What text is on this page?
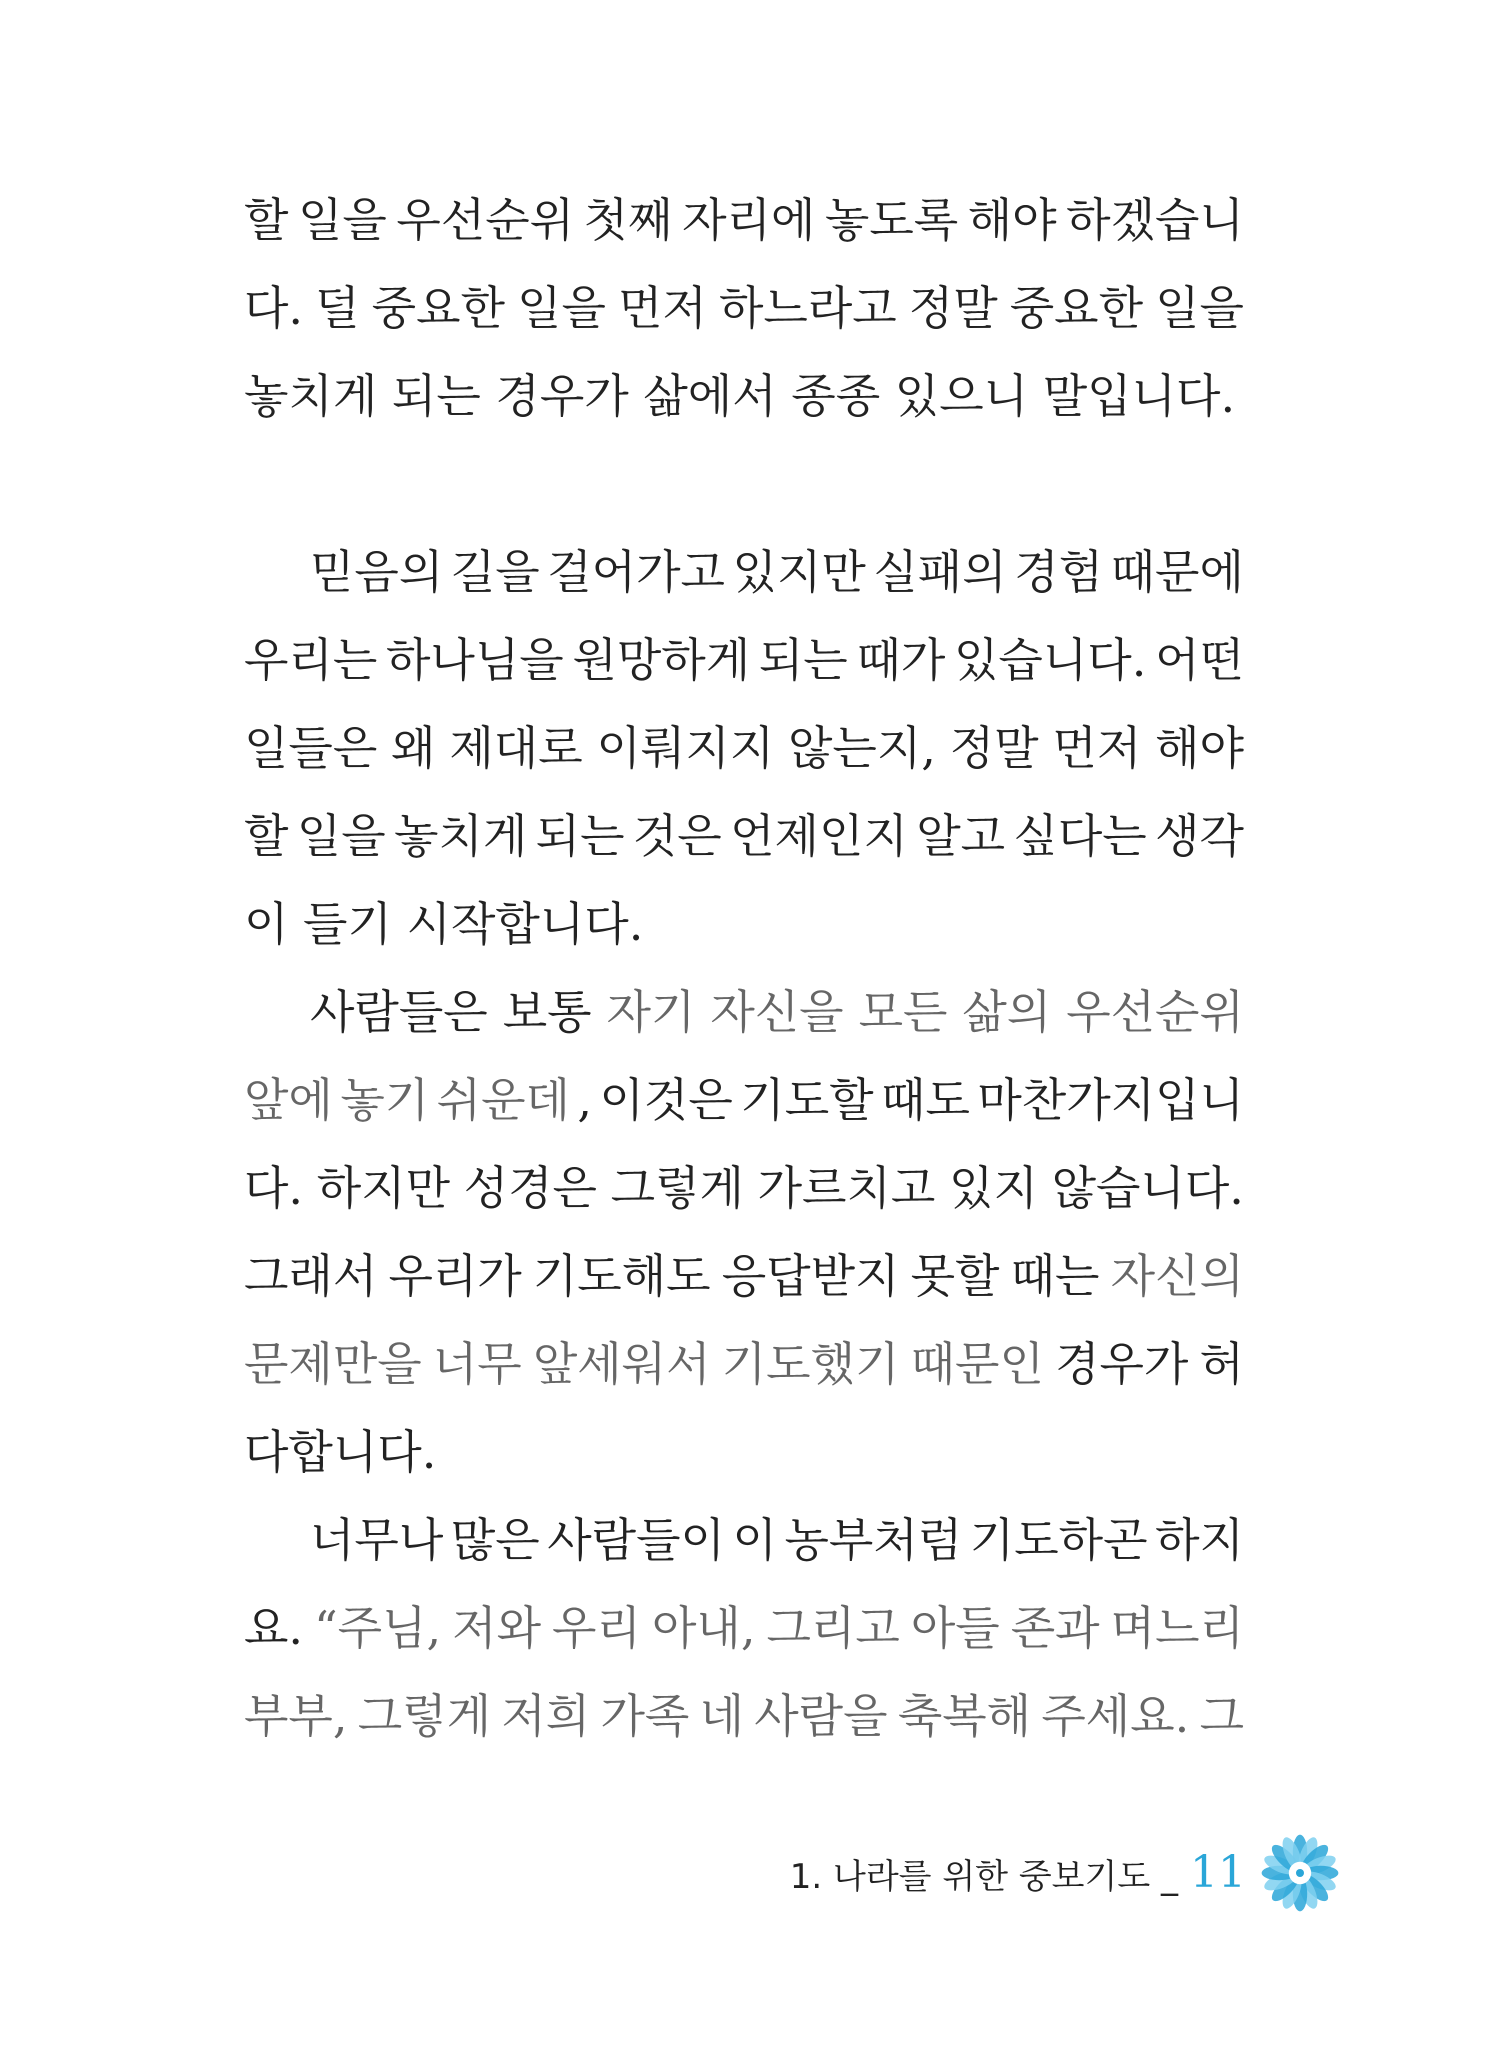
할 일을 우선순위 첫째 자리에 놓도록 해야 하겠습니
다. 덜 중요한 일을 먼저 하느라고 정말 중요한 일을
놓치게 되는 경우가 삶에서 종종 있으니 말입니다.
믿음의 길을 걸어가고 있지만 실패의 경험 때문에
우리는 하나님을 원망하게 되는 때가 있습니다. 어떤
일들은 왜 제대로 이뤄지지 않는지, 정말 먼저 해야
할 일을 놓치게 되는 것은 언제인지 알고 싶다는 생각
이 들기 시작합니다.
사람들은 보통 자기 자신을 모든 삶의 우선순위
앞에 놓기 쉬운데 , 이것은 기도할 때도 마찬가지입니
다. 하지만 성경은 그렇게 가르치고 있지 않습니다.
그래서 우리가 기도해도 응답받지 못할 때는 자신의
문제만을 너무 앞세워서 기도했기 때문인 경우가 허
다합니다.
너무나 많은 사람들이 이 농부처럼 기도하곤 하지
요. “주님, 저와 우리 아내, 그리고 아들 존과 며느리
부부, 그렇게 저희 가족 네 사람을 축복해 주세요. 그
1. 나라를 위한 중보기도 _ 11
